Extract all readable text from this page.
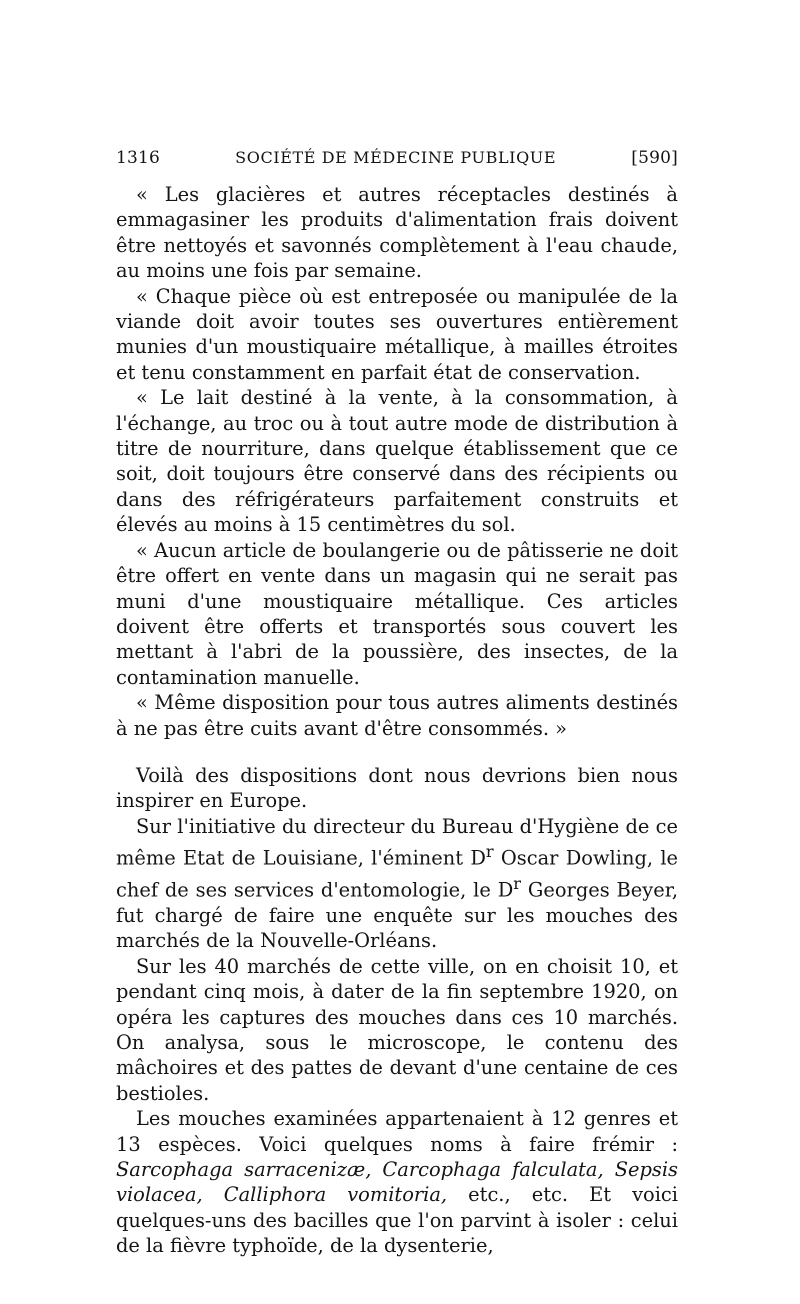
1316	SOCIÉTÉ DE MÉDECINE PUBLIQUE	[590]

« Les glacières et autres réceptacles destinés à emmagasiner les produits d'alimentation frais doivent être nettoyés et savonnés complètement à l'eau chaude, au moins une fois par semaine.

« Chaque pièce où est entreposée ou manipulée de la viande doit avoir toutes ses ouvertures entièrement munies d'un moustiquaire métallique, à mailles étroites et tenu constamment en parfait état de conservation.

« Le lait destiné à la vente, à la consommation, à l'échange, au troc ou à tout autre mode de distribution à titre de nourriture, dans quelque établissement que ce soit, doit toujours être conservé dans des récipients ou dans des réfrigérateurs parfaitement construits et élevés au moins à 15 centimètres du sol.

« Aucun article de boulangerie ou de pâtisserie ne doit être offert en vente dans un magasin qui ne serait pas muni d'une moustiquaire métallique. Ces articles doivent être offerts et transportés sous couvert les mettant à l'abri de la poussière, des insectes, de la contamination manuelle.

« Même disposition pour tous autres aliments destinés à ne pas être cuits avant d'être consommés. »

Voilà des dispositions dont nous devrions bien nous inspirer en Europe.

Sur l'initiative du directeur du Bureau d'Hygiène de ce même Etat de Louisiane, l'éminent $D^r$ Oscar Dowling, le chef de ses services d'entomologie, le $D^r$ Georges Beyer, fut chargé de faire une enquête sur les mouches des marchés de la Nouvelle-Orléans.

Sur les 40 marchés de cette ville, on en choisit 10, et pendant cinq mois, à dater de la fin septembre 1920, on opéra les captures des mouches dans ces 10 marchés. On analysa, sous le microscope, le contenu des mâchoires et des pattes de devant d'une centaine de ces bestioles.

Les mouches examinées appartenaient à 12 genres et 13 espèces. Voici quelques noms à faire frémir : Sarcophaga sarracenizæ, Carcophaga falculata, Sepsis violacea, Calliphora vomitoria, etc., etc. Et voici quelques-uns des bacilles que l'on parvint à isoler : celui de la fièvre typhoïde, de la dysenterie,
